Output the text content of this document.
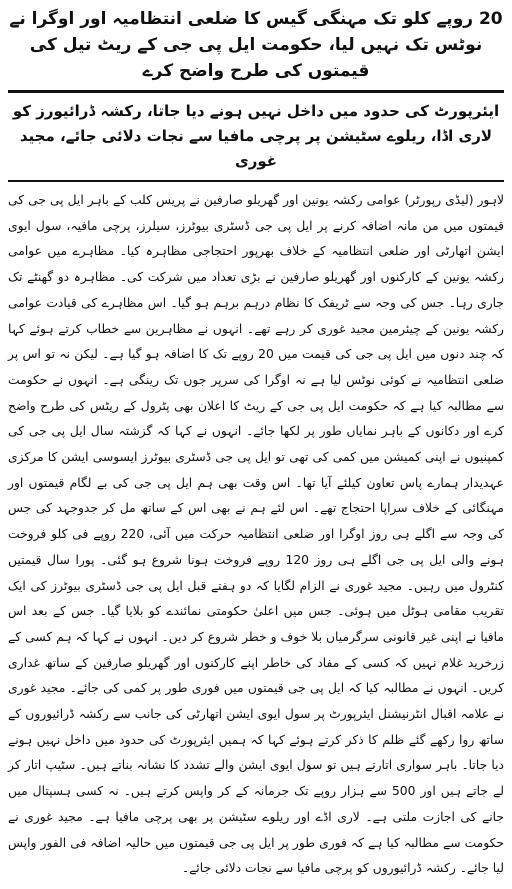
20 روپے کلو تک مہنگی گیس کا ضلعی انتظامیہ اور اوگرا نے نوٹس تک نہیں لیا، حکومت ایل پی جی کے ریٹ تیل کی قیمتوں کی طرح واضح کرے
ایئرپورٹ کی حدود میں داخل نہیں ہونے دیا جاتا، رکشہ ڈرائیورز کو لاری اڈا، ریلوے سٹیشن پر پرچی مافیا سے نجات دلائی جائے، مجید غوری

لاہور (لیڈی رپورٹر) عوامی رکشہ یونین اور گھریلو صارفین نے پریس کلب کے باہر ایل پی جی کی قیمتوں میں من مانہ اضافہ کرنے پر ایل پی جی ڈسٹری بیوٹرز، سیلرز، پرچی مافیہ، سول ایوی ایشن اتھارٹی اور ضلعی انتظامیہ کے خلاف بھرپور احتجاجی مظاہرہ کیا۔ مظاہرے میں عوامی رکشہ یونین کے کارکنوں اور گھریلو صارفین نے بڑی تعداد میں شرکت کی۔ مظاہرہ دو گھنٹے تک جاری رہا۔ جس کی وجہ سے ٹریفک کا نظام درہم برہم ہو گیا۔ اس مظاہرے کی قیادت عوامی رکشہ یونین کے چیئرمین مجید غوری کر رہے تھے۔ انہوں نے مظاہرین سے خطاب کرتے ہوئے کہا کہ چند دنوں میں ایل پی جی کی قیمت میں 20 روپے تک کا اضافہ ہو گیا ہے۔ لیکن نہ تو اس پر ضلعی انتظامیہ نے کوئی نوٹس لیا ہے نہ اوگرا کی سرپر جوں تک رینگی ہے۔ انہوں نے حکومت سے مطالبہ کیا ہے کہ حکومت ایل پی جی کے ریٹ کا اعلان بھی پٹرول کے ریٹس کی طرح واضح کرے اور دکانوں کے باہر نمایاں طور پر لکھا جائے۔ انہوں نے کہا کہ گزشتہ سال ایل پی جی کی کمپنیوں نے اپنی کمیشن میں کمی کی تھی تو ایل پی جی ڈسٹری بیوٹرز ایسوسی ایشن کا مرکزی عہدیدار ہمارے پاس تعاون کیلئے آیا تھا۔ اس وقت بھی ہم ایل پی جی کی بے لگام قیمتوں اور مہنگائی کے خلاف سراپا احتجاج تھے۔ اس لئے ہم نے بھی اس کے ساتھ مل کر جدوجہد کی جس کی وجہ سے اگلے ہی روز اوگرا اور ضلعی انتظامیہ حرکت میں آئی، 220 روپے فی کلو فروخت ہونے والی ایل پی جی اگلے ہی روز 120 روپے فروخت ہونا شروع ہو گئی۔ پورا سال قیمتیں کنٹرول میں رہیں۔ مجید غوری نے الزام لگایا کہ دو ہفتے قبل ایل پی جی ڈسٹری بیوٹرز کی ایک تقریب مقامی ہوٹل میں ہوئی۔ جس میں اعلیٰ حکومتی نمائندے کو بلایا گیا۔ جس کے بعد اس مافیا نے اپنی غیر قانونی سرگرمیاں بلا خوف و خطر شروع کر دیں۔ انہوں نے کہا کہ ہم کسی کے زرخرید غلام نہیں کہ کسی کے مفاد کی خاطر اپنے کارکنوں اور گھریلو صارفین کے ساتھ غداری کریں۔ انہوں نے مطالبہ کیا کہ ایل پی جی قیمتوں میں فوری طور پر کمی کی جائے۔ مجید غوری نے علامہ اقبال انٹرنیشنل ایئرپورٹ پر سول ایوی ایشن اتھارٹی کی جانب سے رکشہ ڈرائیوروں کے ساتھ روا رکھے گئے ظلم کا ذکر کرتے ہوئے کہا کہ ہمیں ایئرپورٹ کی حدود میں داخل نہیں ہونے دیا جاتا۔ باہر سواری اتارتے ہیں تو سول ایوی ایشن والے تشدد کا نشانہ بناتے ہیں۔ سٹیپ اتار کر لے جاتے ہیں اور 500 سے ہزار روپے تک جرمانہ کے کر واپس کرتے ہیں۔ نہ کسی ہسپتال میں جانے کی اجازت ملتی ہے۔ لاری اڈے اور ریلوے سٹیشن پر بھی پرچی مافیا ہے۔ مجید غوری نے حکومت سے مطالبہ کیا ہے کہ فوری طور پر ایل پی جی قیمتوں میں حالیہ اضافہ فی الفور واپس لیا جائے۔ رکشہ ڈرائیوروں کو پرچی مافیا سے نجات دلائی جائے۔
